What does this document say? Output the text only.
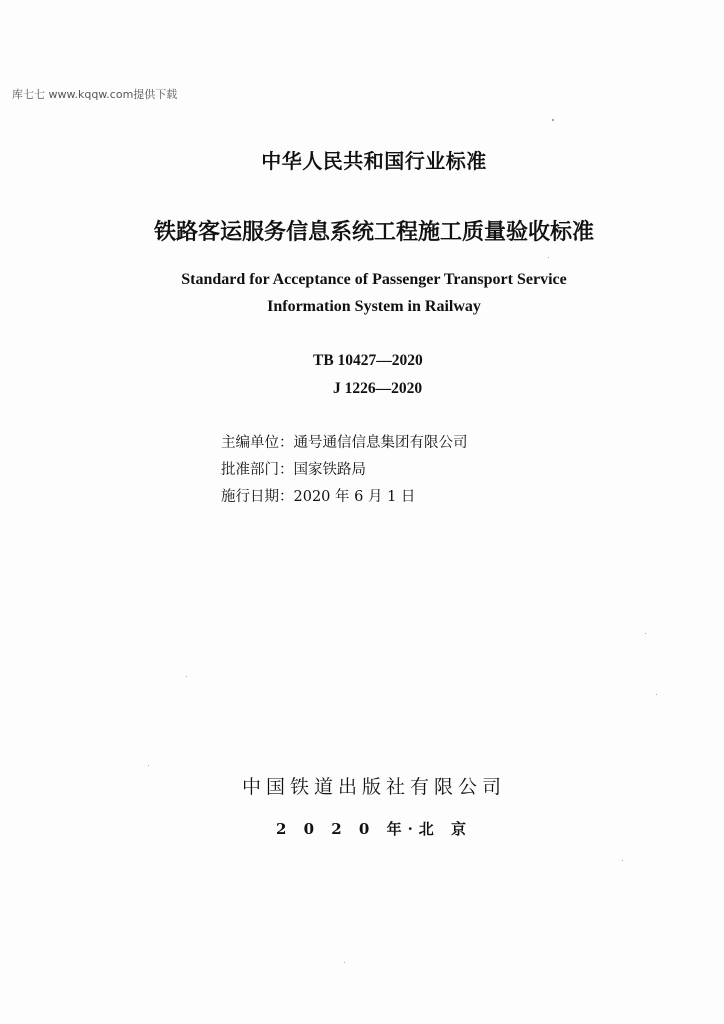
库七七 www.kqqw.com提供下载
中华人民共和国行业标准
铁路客运服务信息系统工程施工质量验收标准
Standard for Acceptance of Passenger Transport Service
Information System in Railway
TB 10427—2020
J 1226—2020
主编单位：通号通信信息集团有限公司
批准部门：国家铁路局
施行日期：2020 年 6 月 1 日
中国铁道出版社有限公司
2 0 2 0 年·北 京
